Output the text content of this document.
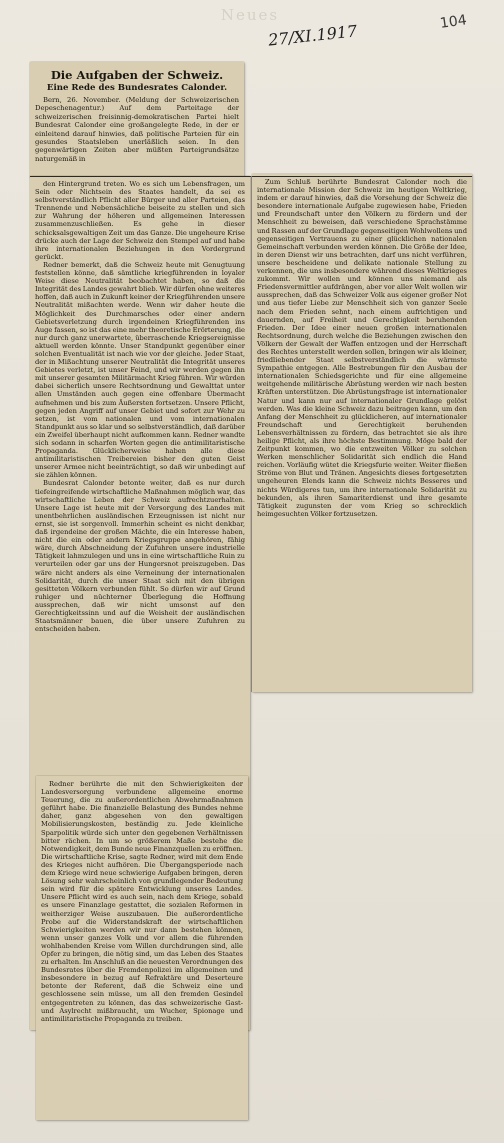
Neues	104
27/XI.1917
Die Aufgaben der Schweiz.
Eine Rede des Bundesrates Calonder.

Bern, 26. November. (Meldung der Schweizerischen Depeschenagentur.) Auf dem Parteitage der schweizerischen freisinnig-demokratischen Partei hielt Bundesrat Calonder eine großangelegte Rede, in der er einleitend darauf hinwies, daß politische Parteien für ein gesundes Staatsleben unerläßlich seien. In den gegenwärtigen Zeiten aber müßten Parteigrundsätze naturgemäß in

den Hintergrund treten. Wo es sich um Lebensfragen, um Sein oder Nichtsein des Staates handelt, da sei es selbstverständlich Pflicht aller Bürger und aller Parteien, das Trennende und Nebensächliche beiseite zu stellen und sich zur Wahrung der höheren und allgemeinen Interessen zusammenzuschließen. Es gehe in dieser schicksalsgewaltigen Zeit um das Ganze. Die ungeheure Krise drücke auch der Lage der Schweiz den Stempel auf und habe ihre internationalen Beziehungen in den Vordergrund gerückt.

Redner bemerkt, daß die Schweiz heute mit Genugtuung feststellen könne, daß sämtliche kriegführenden in loyaler Weise diese Neutralität beobachtet haben, so daß die Integrität des Landes gewahrt blieb. Wir dürfen ohne weiteres hoffen, daß auch in Zukunft keiner der Kriegführenden unsere Neutralität mißachten werde. Wenn wir daher heute die Möglichkeit des Durchmarsches oder einer andern Gebietsverletzung durch irgendeinen Kriegführenden ins Auge fassen, so ist das eine mehr theoretische Erörterung, die nur durch ganz unerwartete, überraschende Kriegsereignisse aktuell werden könnte. Unser Standpunkt gegenüber einer solchen Eventualität ist nach wie vor der gleiche. Jeder Staat, der in Mißachtung unserer Neutralität die Integrität unseres Gebietes verletzt, ist unser Feind, und wir werden gegen ihn mit unserer gesamten Militärmacht Krieg führen. Wir würden dabei sicherlich unsere Rechtsordnung und Gewalttat unter allen Umständen auch gegen eine offenbare Übermacht aufnehmen und bis zum Äußersten fortsetzen. Unsere Pflicht, gegen jeden Angriff auf unser Gebiet und sofort zur Wehr zu setzen, ist vom nationalen und vom internationalen Standpunkt aus so klar und so selbstverständlich, daß darüber ein Zweifel überhaupt nicht aufkommen kann. Redner wandte sich sodann in scharfen Worten gegen die antimilitaristische Propaganda. Glücklicherweise haben alle diese antimilitaristischen Treibereien bisher den guten Geist unserer Armee nicht beeinträchtigt, so daß wir unbedingt auf sie zählen können.

Bundesrat Calonder betonte weiter, daß es nur durch tiefeingreifende wirtschaftliche Maßnahmen möglich war, das wirtschaftliche Leben der Schweiz aufrechtzuerhalten. Unsere Lage ist heute mit der Versorgung des Landes mit unentbehrlichen ausländischen Erzeugnissen ist nicht nur ernst, sie ist sorgenvoll. Immerhin scheint es nicht denkbar, daß irgendeine der großen Mächte, die ein Interesse haben, nicht die ein oder andern Kriegsgruppe angehören, fähig wäre, durch Abschneidung der Zufuhren unsere industrielle Tätigkeit lahmzulegen und uns in eine wirtschaftliche Ruin zu verurteilen oder gar uns der Hungersnot preiszugeben. Das wäre nicht anders als eine Verneinung der internationalen Solidarität, durch die unser Staat sich mit den übrigen gesitteten Völkern verbunden fühlt. So dürfen wir auf Grund ruhiger und nüchterner Überlegung die Hoffnung aussprechen, daß wir nicht umsonst auf den Gerechtigkeitssinn und auf die Weisheit der ausländischen Staatsmänner bauen, die über unsere Zufuhren zu entscheiden haben.

Zum Schluß berührte Bundesrat Calonder noch die internationale Mission der Schweiz im heutigen Weltkrieg, indem er darauf hinwies, daß die Vorsehung der Schweiz die besondere internationale Aufgabe zugewiesen habe, Frieden und Freundschaft unter den Völkern zu fördern und der Menschheit zu beweisen, daß verschiedene Sprachstämme und Rassen auf der Grundlage gegenseitigen Wohlwollens und gegenseitigen Vertrauens zu einer glücklichen nationalen Gemeinschaft verbunden werden können. Die Größe der Idee, in deren Dienst wir uns betrachten, darf uns nicht verführen, unsere bescheidene und delikate nationale Stellung zu verkennen, die uns insbesondere während dieses Weltkrieges zukommt. Wir wollen und können uns niemand als Friedensvermittler aufdrängen, aber vor aller Welt wollen wir aussprechen, daß das Schweizer Volk aus eigener großer Not und aus tiefer Liebe zur Menschheit sich von ganzer Seele nach dem Frieden sehnt, nach einem aufrichtigen und dauernden, auf Freiheit und Gerechtigkeit beruhenden Frieden. Der Idee einer neuen großen internationalen Rechtsordnung, durch welche die Beziehungen zwischen den Völkern der Gewalt der Waffen entzogen und der Herrschaft des Rechtes unterstellt werden sollen, bringen wir als kleiner, friedliebender Staat selbstverständlich die wärmste Sympathie entgegen. Alle Bestrebungen für den Ausbau der internationalen Schiedsgerichte und für eine allgemeine weitgehende militärische Abrüstung werden wir nach besten Kräften unterstützen. Die Abrüstungsfrage ist internationaler Natur und kann nur auf internationaler Grundlage gelöst werden. Was die kleine Schweiz dazu beitragen kann, um den Anfang der Menschheit zu glücklicheren, auf internationaler Freundschaft und Gerechtigkeit beruhenden Lebensverhältnissen zu fördern, das betrachtet sie als ihre heilige Pflicht, als ihre höchste Bestimmung. Möge bald der Zeitpunkt kommen, wo die entzweiten Völker zu solchen Werken menschlicher Solidarität sich endlich die Hand reichen. Vorläufig wütet die Kriegsfurie weiter. Weiter fließen Ströme von Blut und Tränen. Angesichts dieses fortgesetzten ungeheuren Elends kann die Schweiz nichts Besseres und nichts Würdigeres tun, um ihre internationale Solidarität zu bekunden, als ihren Samariterdienst und ihre gesamte Tätigkeit zugunsten der vom Krieg so schrecklich heimgesuchten Völker fortzusetzen.

Redner berührte die mit den Schwierigkeiten der Landesversorgung verbundene allgemeine enorme Teuerung, die zu außerordentlichen Abwehrmaßnahmen geführt habe. Die finanzielle Belastung des Bundes nehme daher, ganz abgesehen von den gewaltigen Mobilisierungskosten, beständig zu. Jede kleinliche Sparpolitik würde sich unter den gegebenen Verhältnissen bitter rächen. In um so größerem Maße bestehe die Notwendigkeit, dem Bunde neue Finanzquellen zu eröffnen. Die wirtschaftliche Krise, sagte Redner, wird mit dem Ende des Krieges nicht aufhören. Die Übergangsperiode nach dem Kriege wird neue schwierige Aufgaben bringen, deren Lösung sehr wahrscheinlich von grundlegender Bedeutung sein wird für die spätere Entwicklung unseres Landes. Unsere Pflicht wird es auch sein, nach dem Kriege, sobald es unsere Finanzlage gestattet, die sozialen Reformen in weitherziger Weise auszubauen. Die außerordentliche Probe auf die Widerstandskraft der wirtschaftlichen Schwierigkeiten werden wir nur dann bestehen können, wenn unser ganzes Volk und vor allem die führenden wohlhabenden Kreise vom Willen durchdrungen sind, alle Opfer zu bringen, die nötig sind, um das Leben des Staates zu erhalten. Im Anschluß an die neuesten Verordnungen des Bundesrates über die Fremdenpolizei im allgemeinen und insbesondere in bezug auf Refraktäre und Deserteure betonte der Referent, daß die Schweiz eine und geschlossene sein müsse, um all den fremden Gesindel entgegentreten zu können, das das schweizerische Gast- und Asylrecht mißbraucht, um Wucher, Spionage und antimilitaristische Propaganda zu treiben.
